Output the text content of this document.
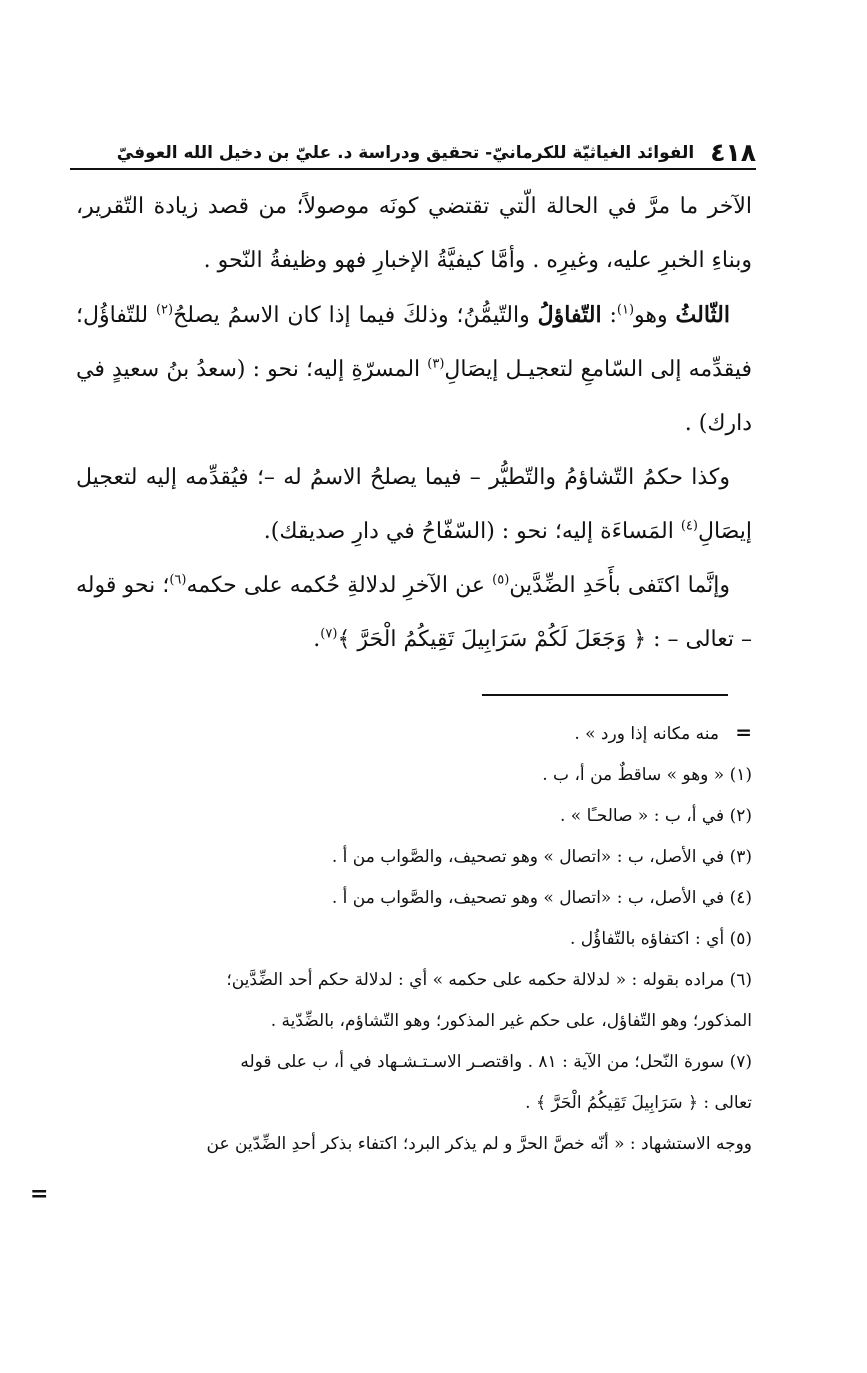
٤١٨
الفوائد الغياثيّة للكرمانيّ- تحقيق ودراسة د. عليّ بن دخيل الله العوفيّ

الآخر ما مرَّ في الحالة الّتي تقتضي كونَه موصولاً؛ من قصد زيادة التّقرير، وبناءِ الخبرِ عليه، وغيرِه . وأمَّا كيفيَّةُ الإخبارِ فهو وظيفةُ النّحو .

الثّالثُ وهو$^{(١)}$: التّفاؤلُ والتّيمُّنُ؛ وذلكَ فيما إذا كان الاسمُ يصلحُ$^{(٢)}$ للتّفاؤُل؛ فيقدِّمه إلى السّامعِ لتعجيـل إيصَالِ$^{(٣)}$ المسرّةِ إليه؛ نحو : (سعدُ بنُ سعيدٍ في دارك) .

وكذا حكمُ التّشاؤمُ والتّطيُّر – فيما يصلحُ الاسمُ له –؛ فيُقدِّمه إليه لتعجيل إيصَالِ$^{(٤)}$ المَساءَة إليه؛ نحو : (السّفّاحُ في دارِ صديقك).

وإنَّما اكتَفى بأَحَدِ الضِّدَّين$^{(٥)}$ عن الآخرِ لدلالةِ حُكمه على حكمه$^{(٦)}$؛ نحو قوله – تعالى – : ﴿ وَجَعَلَ لَكُمْ سَرَابِيلَ تَقِيكُمُ الْحَرَّ ﴾$^{(٧)}$.

=   منه مكانه إذا ورد » .

(١) « وهو » ساقطٌ من أ، ب .

(٢) في أ، ب : « صالحـًا » .

(٣) في الأصل، ب : «اتصال » وهو تصحيف، والصَّواب من أ .

(٤) في الأصل، ب : «اتصال » وهو تصحيف، والصَّواب من أ .

(٥) أي : اكتفاؤه بالتّفاؤُل .

(٦) مراده بقوله : « لدلالة حكمه على حكمه » أي : لدلالة حكم أحد الضِّدَّين؛

المذكور؛ وهو التّفاؤل، على حكم غير المذكور؛ وهو التّشاؤم، بالضِّدّية .

(٧) سورة النّحل؛ من الآية : ٨١ . واقتصـر الاسـتـشـهاد في أ، ب على قوله

تعالى : ﴿ سَرَابِيلَ تَقِيكُمُ الْحَرَّ ﴾ .

ووجه الاستشهاد : « أنّه خصَّ الحرَّ و لم يذكر البرد؛ اكتفاء بذكر أحدِ الضِّدّين عن

=
